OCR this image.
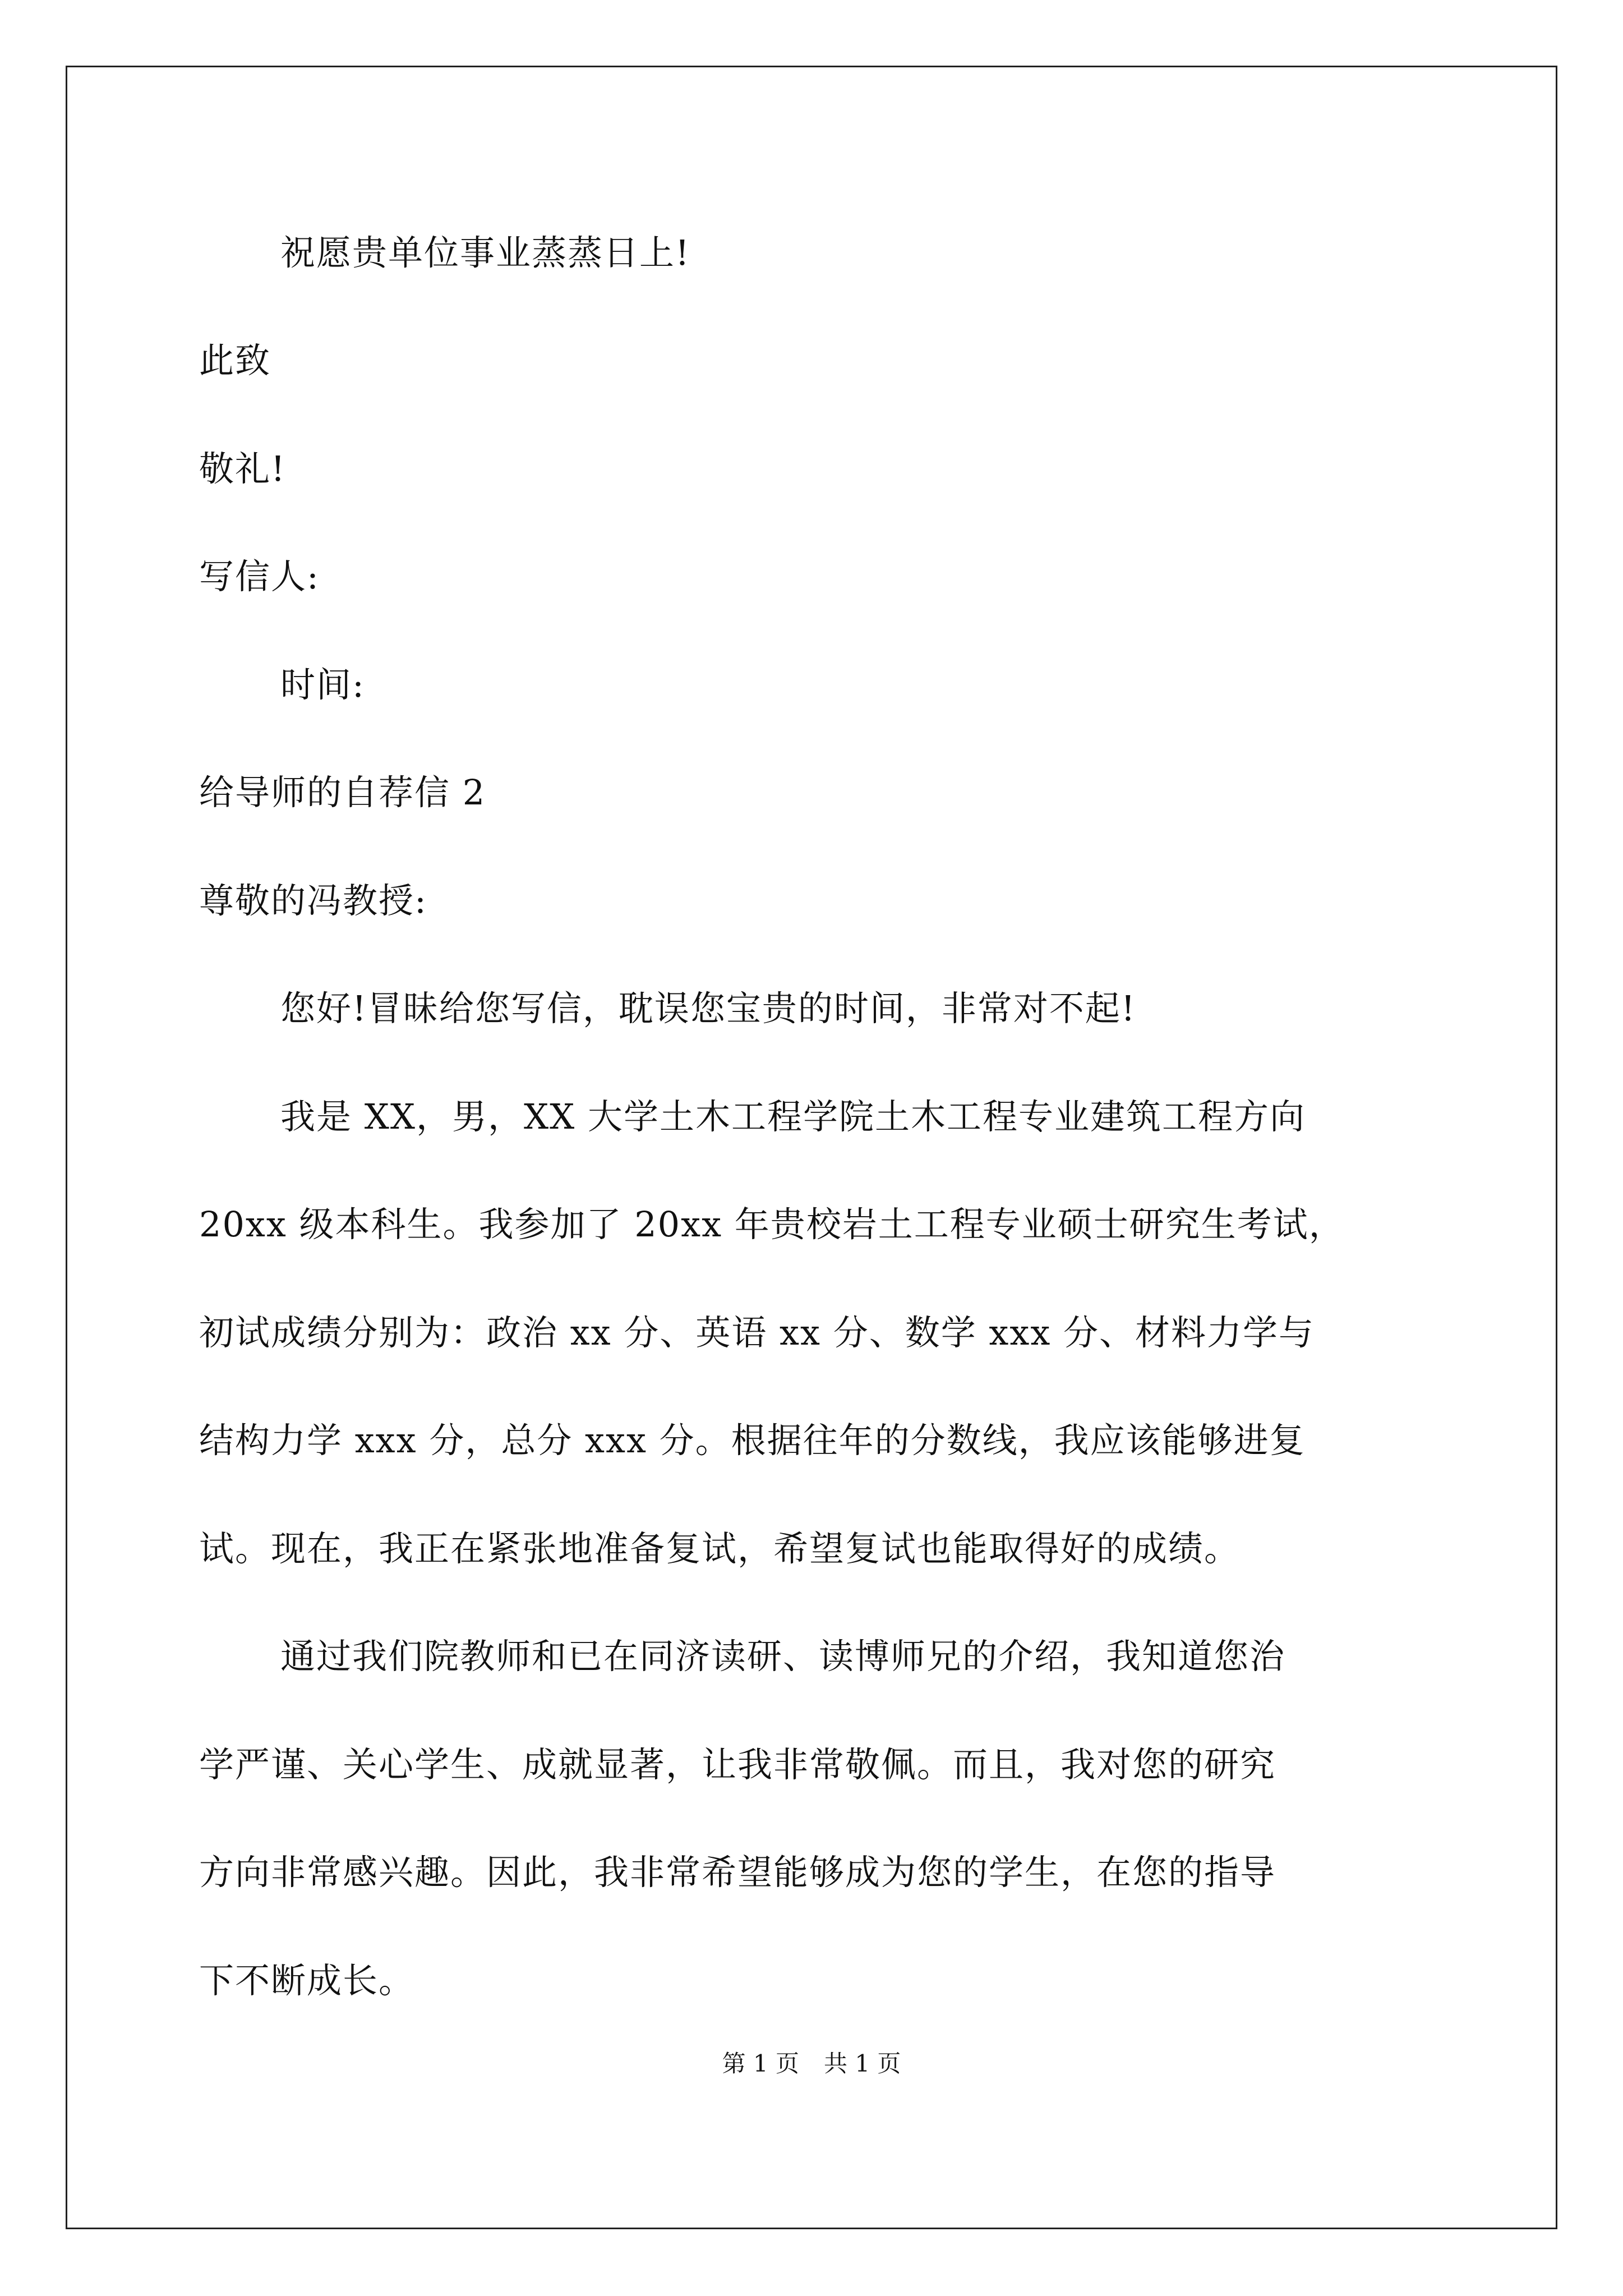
祝愿贵单位事业蒸蒸日上!
此致
敬礼!
写信人:
时间:
给导师的自荐信 2
尊敬的冯教授:
您好!冒昧给您写信，耽误您宝贵的时间，非常对不起!
我是 XX，男，XX 大学土木工程学院土木工程专业建筑工程方向
20xx 级本科生。我参加了 20xx 年贵校岩土工程专业硕士研究生考试，
初试成绩分别为：政治 xx 分、英语 xx 分、数学 xxx 分、材料力学与
结构力学 xxx 分，总分 xxx 分。根据往年的分数线，我应该能够进复
试。现在，我正在紧张地准备复试，希望复试也能取得好的成绩。
通过我们院教师和已在同济读研、读博师兄的介绍，我知道您治
学严谨、关心学生、成就显著，让我非常敬佩。而且，我对您的研究
方向非常感兴趣。因此，我非常希望能够成为您的学生，在您的指导
下不断成长。
第 1 页 共 1 页
